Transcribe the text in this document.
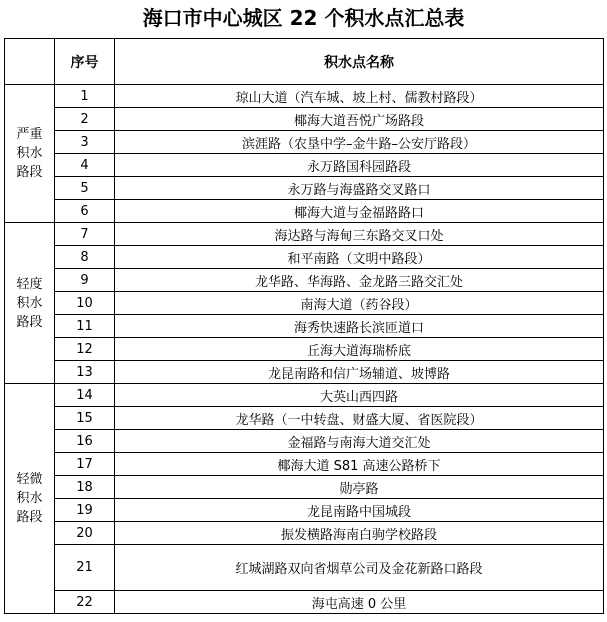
海口市中心城区 22 个积水点汇总表
	序号	积水点名称

严重积水路段	1	琼山大道（汽车城、坡上村、儒教村路段）
	2	椰海大道吾悦广场路段
	3	滨涯路（农垦中学–金牛路–公安厅路段）
	4	永万路国科园路段
	5	永万路与海盛路交叉路口
	6	椰海大道与金福路路口

轻度积水路段	7	海达路与海甸三东路交叉口处
	8	和平南路（文明中路段）
	9	龙华路、华海路、金龙路三路交汇处
	10	南海大道（药谷段）
	11	海秀快速路长滨匝道口
	12	丘海大道海瑞桥底
	13	龙昆南路和信广场辅道、坡博路

轻微积水路段	14	大英山西四路
	15	龙华路（一中转盘、财盛大厦、省医院段）
	16	金福路与南海大道交汇处
	17	椰海大道 S81 高速公路桥下
	18	勋亭路
	19	龙昆南路中国城段
	20	振发横路海南白驹学校路段
	21	红城湖路双向省烟草公司及金花新路口路段
	22	海屯高速 0 公里
